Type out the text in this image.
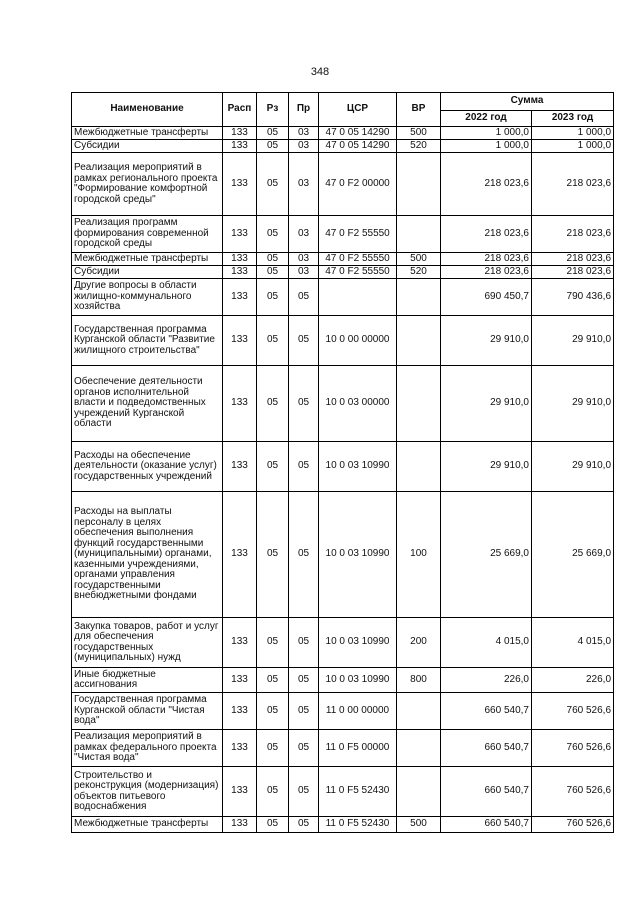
348
Наименование	Расп	Рз	Пр	ЦСР	ВР	Сумма	
						2022 год	2023 год
Межбюджетные трансферты	133	05	03	47 0 05 14290	500	1 000,0	1 000,0
Субсидии	133	05	03	47 0 05 14290	520	1 000,0	1 000,0
Реализация мероприятий в рамках регионального проекта "Формирование комфортной городской среды"	133	05	03	47 0 F2 00000		218 023,6	218 023,6
Реализация программ формирования современной городской среды	133	05	03	47 0 F2 55550		218 023,6	218 023,6
Межбюджетные трансферты	133	05	03	47 0 F2 55550	500	218 023,6	218 023,6
Субсидии	133	05	03	47 0 F2 55550	520	218 023,6	218 023,6
Другие вопросы в области жилищно-коммунального хозяйства	133	05	05			690 450,7	790 436,6
Государственная программа Курганской области "Развитие жилищного строительства"	133	05	05	10 0 00 00000		29 910,0	29 910,0
Обеспечение деятельности органов исполнительной власти и подведомственных учреждений Курганской области	133	05	05	10 0 03 00000		29 910,0	29 910,0
Расходы на обеспечение деятельности (оказание услуг) государственных учреждений	133	05	05	10 0 03 10990		29 910,0	29 910,0
Расходы на выплаты персоналу в целях обеспечения выполнения функций государственными (муниципальными) органами, казенными учреждениями, органами управления государственными внебюджетными фондами	133	05	05	10 0 03 10990	100	25 669,0	25 669,0
Закупка товаров, работ и услуг для обеспечения государственных (муниципальных) нужд	133	05	05	10 0 03 10990	200	4 015,0	4 015,0
Иные бюджетные ассигнования	133	05	05	10 0 03 10990	800	226,0	226,0
Государственная программа Курганской области "Чистая вода"	133	05	05	11 0 00 00000		660 540,7	760 526,6
Реализация мероприятий в рамках федерального проекта "Чистая вода"	133	05	05	11 0 F5 00000		660 540,7	760 526,6
Строительство и реконструкция (модернизация) объектов питьевого водоснабжения	133	05	05	11 0 F5 52430		660 540,7	760 526,6
Межбюджетные трансферты	133	05	05	11 0 F5 52430	500	660 540,7	760 526,6
